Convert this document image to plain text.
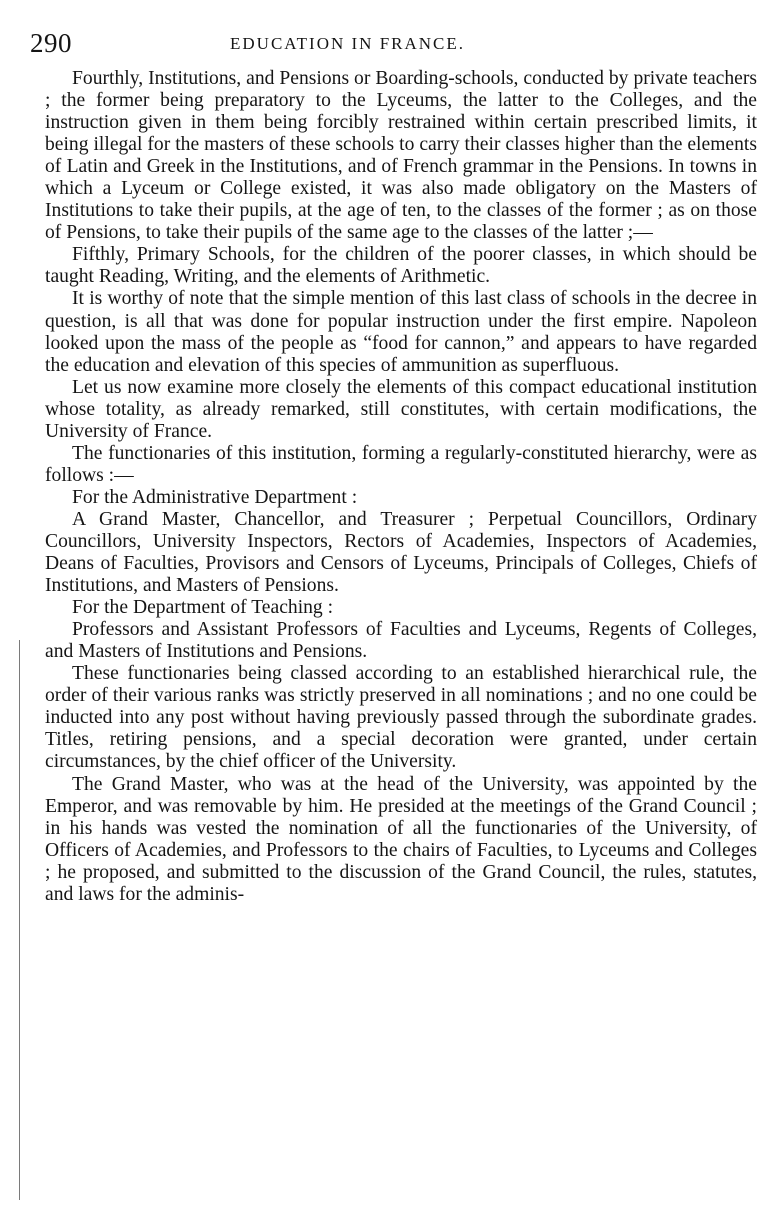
290	EDUCATION IN FRANCE.

Fourthly, Institutions, and Pensions or Boarding-schools, conducted by private teachers ; the former being preparatory to the Lyceums, the latter to the Colleges, and the instruction given in them being forcibly restrained within certain prescribed limits, it being illegal for the masters of these schools to carry their classes higher than the elements of Latin and Greek in the Institutions, and of French grammar in the Pensions. In towns in which a Lyceum or College existed, it was also made obligatory on the Masters of Institutions to take their pupils, at the age of ten, to the classes of the former ; as on those of Pensions, to take their pupils of the same age to the classes of the latter ;—

Fifthly, Primary Schools, for the children of the poorer classes, in which should be taught Reading, Writing, and the elements of Arithmetic.

It is worthy of note that the simple mention of this last class of schools in the decree in question, is all that was done for popular instruction under the first empire. Napoleon looked upon the mass of the people as “food for cannon,” and appears to have regarded the education and elevation of this species of ammunition as superfluous.

Let us now examine more closely the elements of this compact educational institution whose totality, as already remarked, still constitutes, with certain modifications, the University of France.

The functionaries of this institution, forming a regularly-constituted hierarchy, were as follows :—

For the Administrative Department :

A Grand Master, Chancellor, and Treasurer ; Perpetual Councillors, Ordinary Councillors, University Inspectors, Rectors of Academies, Inspectors of Academies, Deans of Faculties, Provisors and Censors of Lyceums, Principals of Colleges, Chiefs of Institutions, and Masters of Pensions.

For the Department of Teaching :

Professors and Assistant Professors of Faculties and Lyceums, Regents of Colleges, and Masters of Institutions and Pensions.

These functionaries being classed according to an established hierarchical rule, the order of their various ranks was strictly preserved in all nominations ; and no one could be inducted into any post without having previously passed through the subordinate grades. Titles, retiring pensions, and a special decoration were granted, under certain circumstances, by the chief officer of the University.

The Grand Master, who was at the head of the University, was appointed by the Emperor, and was removable by him. He presided at the meetings of the Grand Council ; in his hands was vested the nomination of all the functionaries of the University, of Officers of Academies, and Professors to the chairs of Faculties, to Lyceums and Colleges ; he proposed, and submitted to the discussion of the Grand Council, the rules, statutes, and laws for the adminis-
